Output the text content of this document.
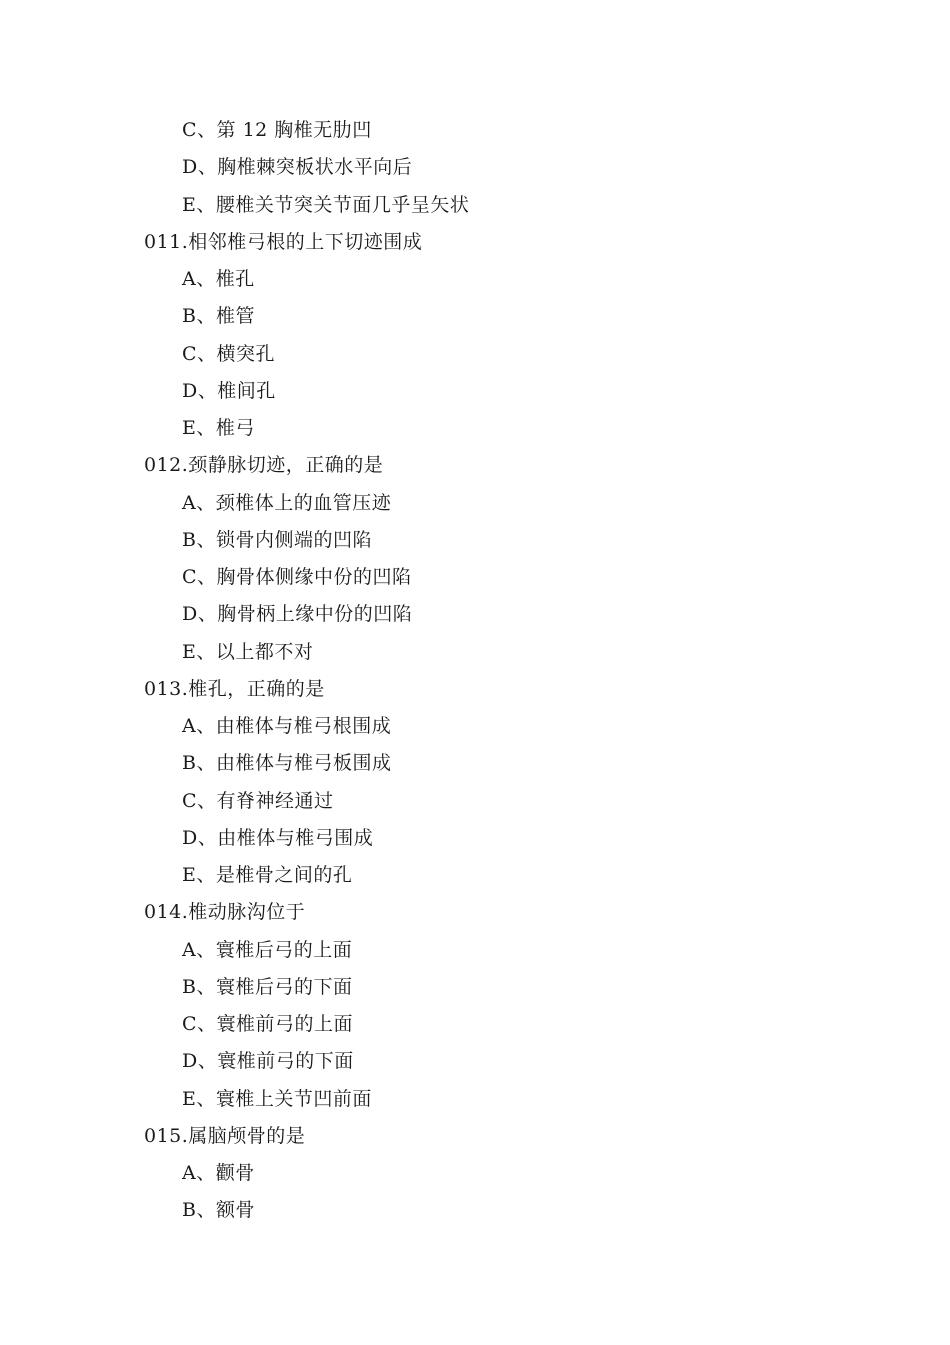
C、第 12 胸椎无肋凹
D、胸椎棘突板状水平向后
E、腰椎关节突关节面几乎呈矢状
011.相邻椎弓根的上下切迹围成
A、椎孔
B、椎管
C、横突孔
D、椎间孔
E、椎弓
012.颈静脉切迹，正确的是
A、颈椎体上的血管压迹
B、锁骨内侧端的凹陷
C、胸骨体侧缘中份的凹陷
D、胸骨柄上缘中份的凹陷
E、以上都不对
013.椎孔，正确的是
A、由椎体与椎弓根围成
B、由椎体与椎弓板围成
C、有脊神经通过
D、由椎体与椎弓围成
E、是椎骨之间的孔
014.椎动脉沟位于
A、寰椎后弓的上面
B、寰椎后弓的下面
C、寰椎前弓的上面
D、寰椎前弓的下面
E、寰椎上关节凹前面
015.属脑颅骨的是
A、颧骨
B、额骨
